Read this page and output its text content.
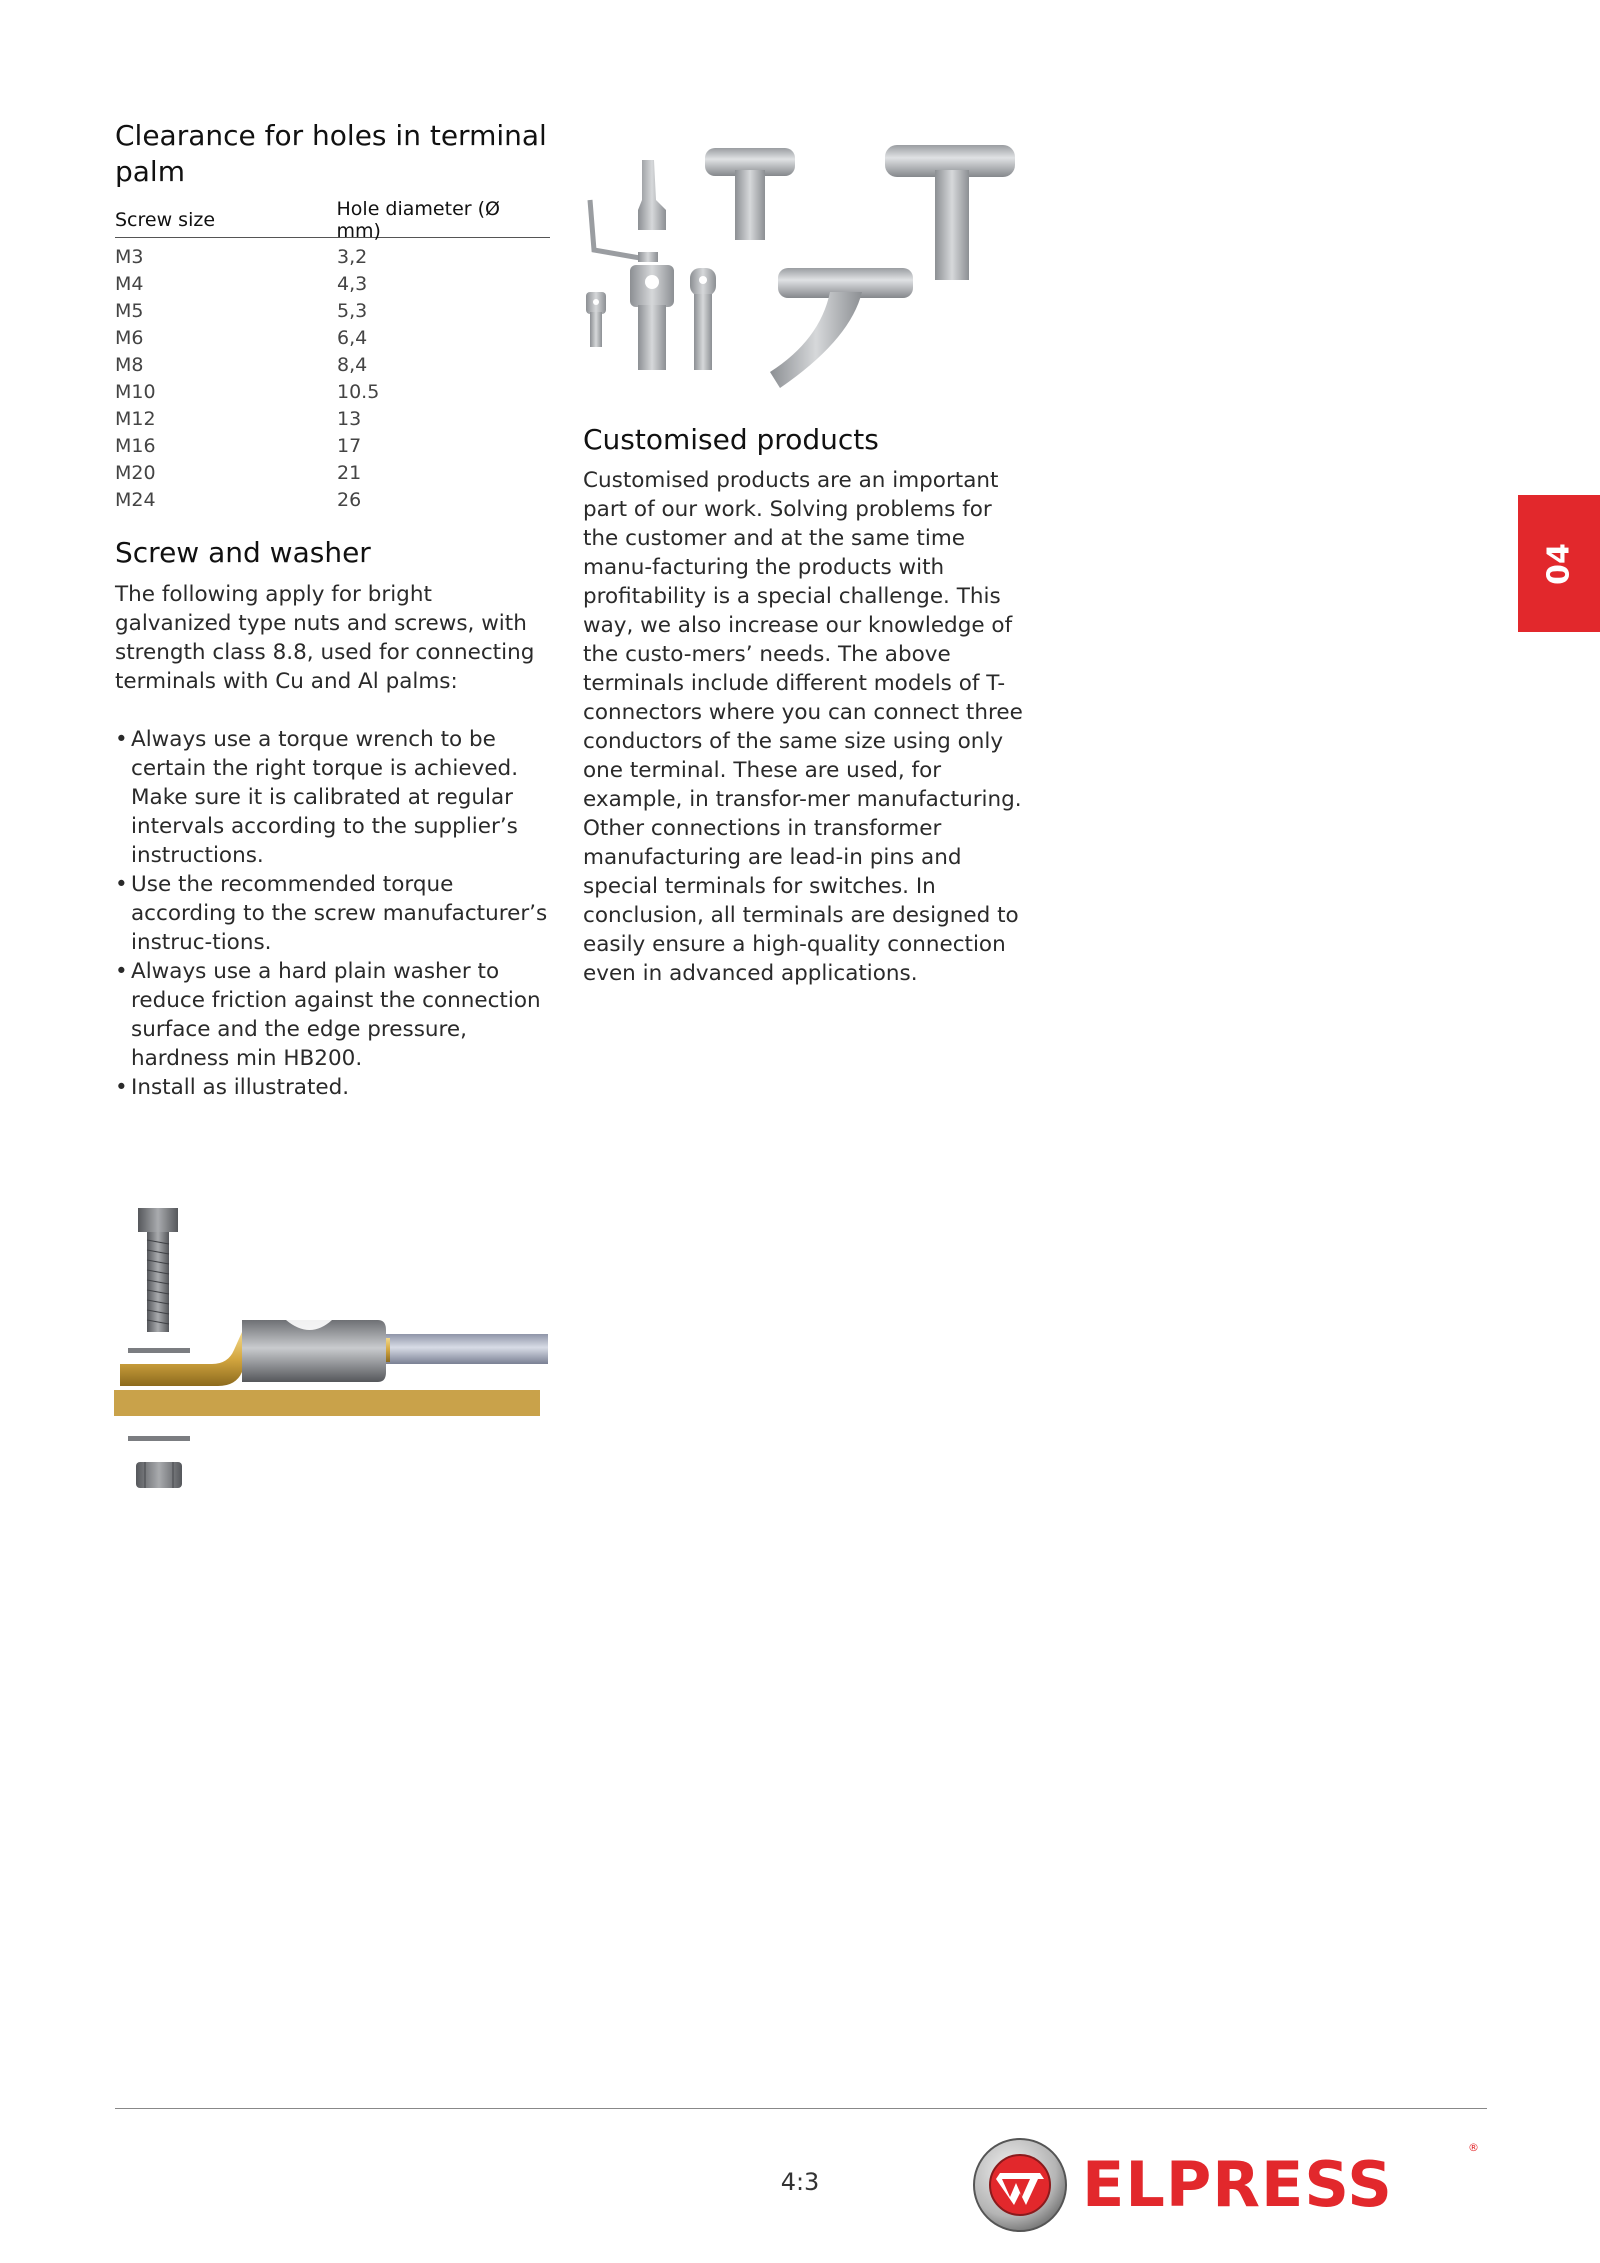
Clearance for holes in terminal palm
Screw size	Hole diameter (Ø mm)
M3	3,2
M4	4,3
M5	5,3
M6	6,4
M8	8,4
M10	10.5
M12	13
M16	17
M20	21
M24	26
Screw and washer

The following apply for bright galvanized type nuts and screws, with strength class 8.8, used for connecting terminals with Cu and Al palms:

• Always use a torque wrench to be certain the right torque is achieved. Make sure it is calibrated at regular intervals according to the supplier’s instructions.
• Use the recommended torque according to the screw manufacturer’s instruc-tions.
• Always use a hard plain washer to reduce friction against the connection surface and the edge pressure, hardness min HB200.
• Install as illustrated.
Customised products

Customised products are an important part of our work. Solving problems for the customer and at the same time manu-facturing the products with profitability is a special challenge. This way, we also increase our knowledge of the custo-mers’ needs. The above terminals include different models of T-connectors where you can connect three conductors of the same size using only one terminal. These are used, for example, in transfor-mer manufacturing. Other connections in transformer manufacturing are lead-in pins and special terminals for switches. In conclusion, all terminals are designed to easily ensure a high-quality connection even in advanced applications.

04
4:3	ELPRESS
®
